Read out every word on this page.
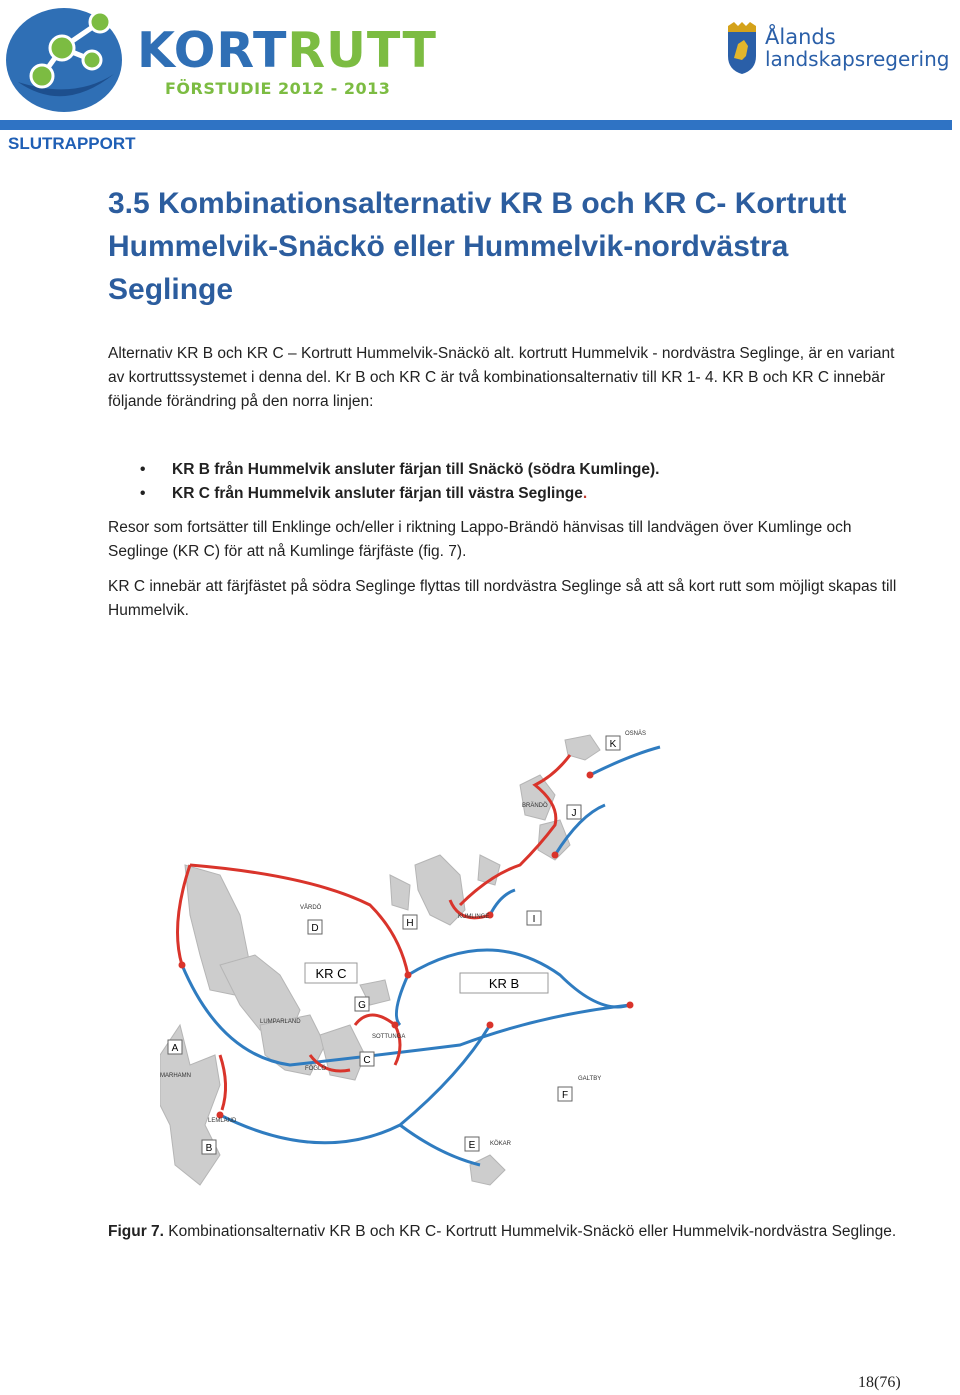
KORTRUTT
FÖRSTUDIE 2012 - 2013
Ålands
landskapsregering
SLUTRAPPORT
3.5 Kombinationsalternativ KR B och KR C- Kortrutt Hummelvik-Snäckö eller Hummelvik-nordvästra Seglinge
Alternativ KR B och KR C – Kortrutt Hummelvik-Snäckö alt. kortrutt Hummelvik - nordvästra Seglinge, är en variant av kortruttssystemet i denna del. Kr B och KR C är två kombinationsalternativ till KR 1- 4. KR B och KR C innebär följande förändring på den norra linjen:
• KR B från Hummelvik ansluter färjan till Snäckö (södra Kumlinge).
• KR C från Hummelvik ansluter färjan till västra Seglinge.
Resor som fortsätter till Enklinge och/eller i riktning Lappo-Brändö hänvisas till landvägen över Kumlinge och Seglinge (KR C) för att nå Kumlinge färjfäste (fig. 7).
KR C innebär att färjfästet på södra Seglinge flyttas till nordvästra Seglinge så att så kort rutt som möjligt skapas till Hummelvik.
KR C
KR B
A
B
C
D
E
F
G
H	I
J
K
OSNÄS
BRÄNDÖ
KUMLINGE
VÅRDÖ
LUMPARLAND
SOTTUNGA
FÖGLÖ
MARHAMN
LEMLAND
KÖKAR
GALTBY
Figur 7. Kombinationsalternativ KR B och KR C- Kortrutt Hummelvik-Snäckö eller Hummelvik-nordvästra Seglinge.
18(76)
